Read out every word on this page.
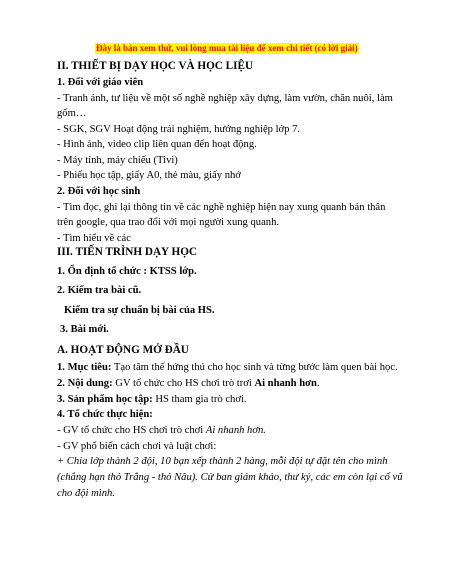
Đây là bản xem thử, vui lòng mua tài liệu để xem chi tiết (có lời giải)
II. THIẾT BỊ DẠY HỌC VÀ HỌC LIỆU
1. Đối với giáo viên
- Tranh ảnh, tư liệu về một số nghề nghiệp xây dựng, làm vườn, chăn nuôi, làm
gốm…
- SGK, SGV Hoạt động trải nghiệm, hướng nghiệp lớp 7.
- Hình ảnh, video clip liên quan đến hoạt động.
- Máy tính, máy chiếu (Tivi)
- Phiếu học tập, giấy A0, thẻ màu, giấy nhớ
2. Đối với học sinh
- Tìm đọc, ghi lại thông tin về các nghề nghiệp hiện nay xung quanh bản thân
trên google, qua trao đổi với mọi người xung quanh.
- Tìm hiểu về các
III. TIẾN TRÌNH DẠY HỌC
1. Ổn định tổ chức : KTSS lớp.
2. Kiểm tra bài cũ.
Kiểm tra sự chuẩn bị bài của HS.
3. Bài mới.
A. HOẠT ĐỘNG MỞ ĐẦU
1. Mục tiêu: Tạo tâm thế hứng thú cho học sinh và từng bước làm quen bài học.
2. Nội dung: GV tổ chức cho HS chơi trò trơi Ai nhanh hơn.
3. Sản phẩm học tập: HS tham gia trò chơi.
4. Tổ chức thực hiện:
- GV tổ chức cho HS chơi trò chơi Ai nhanh hơn.
- GV phổ biến cách chơi và luật chơi:
+ Chia lớp thành 2 đội, 10 bạn xếp thành 2 hàng, mỗi đội tự đặt tên cho mình
(chẳng hạn thỏ Trắng - thỏ Nâu). Cử ban giám khảo, thư ký, các em còn lại cổ vũ
cho đội mình.
